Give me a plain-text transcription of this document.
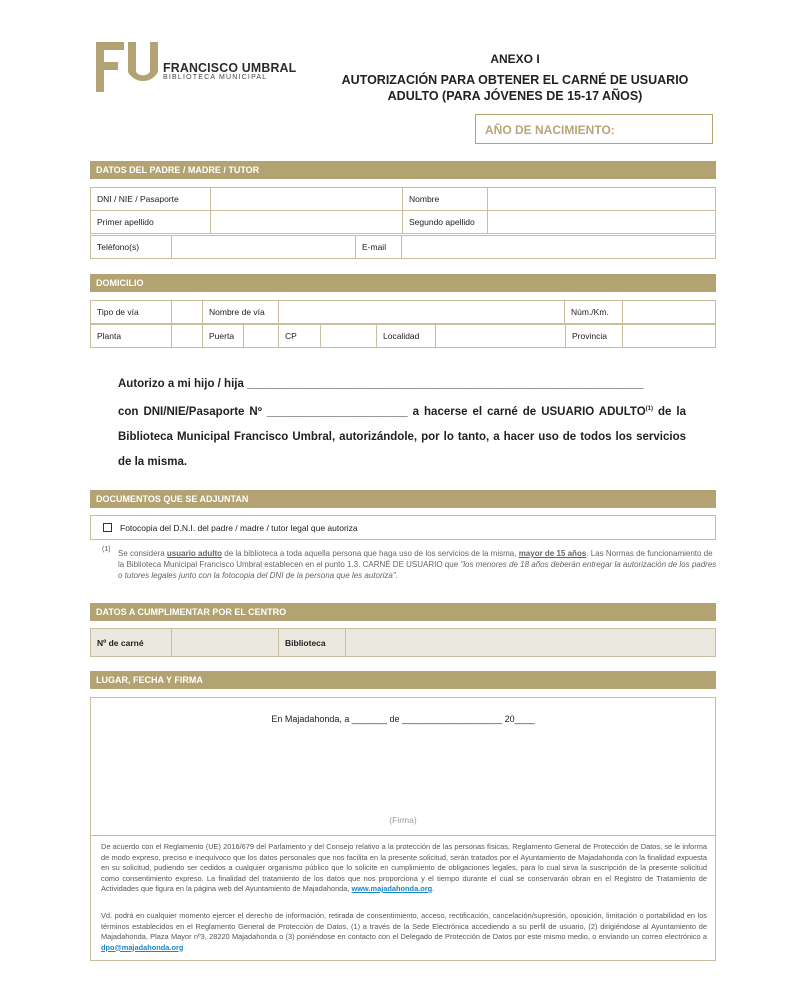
FRANCISCO UMBRAL
BIBLIOTECA MUNICIPAL
ANEXO I
AUTORIZACIÓN PARA OBTENER EL CARNÉ DE USUARIO
ADULTO (PARA JÓVENES DE 15-17 AÑOS)
AÑO DE NACIMIENTO:
DATOS DEL PADRE / MADRE / TUTOR
DNI / NIE / Pasaporte		Nombre	
Primer apellido		Segundo apellido	
Teléfono(s)		E-mail	
DOMICILIO
Tipo de vía		Nombre de vía		Núm./Km.	
Planta		Puerta		CP		Localidad		Provincia	

Autorizo a mi hijo / hija ______________________________________________________________

con DNI/NIE/Pasaporte Nº ______________________ a hacerse el carné de USUARIO ADULTO$^{(1)}$ de la Biblioteca Municipal Francisco Umbral, autorizándole, por lo tanto, a hacer uso de todos los servicios de la misma.

DOCUMENTOS QUE SE ADJUNTAN
Fotocopia del D.N.I. del padre / madre / tutor legal que autoriza
(1) Se considera usuario adulto de la biblioteca a toda aquella persona que haga uso de los servicios de la misma, mayor de 15 años. Las Normas de funcionamiento de la Biblioteca Municipal Francisco Umbral establecen en el punto 1.3. CARNÉ DE USUARIO que "los menores de 18 años deberán entregar la autorización de los padres o tutores legales junto con la fotocopia del DNI de la persona que les autoriza".
DATOS A CUMPLIMENTAR POR EL CENTRO
Nº de carné		Biblioteca	
LUGAR, FECHA Y FIRMA
En Majadahonda, a _______ de ____________________ 20____
(Firma)
De acuerdo con el Reglamento (UE) 2016/679 del Parlamento y del Consejo relativo a la protección de las personas físicas, Reglamento General de Protección de Datos, se le informa de modo expreso, preciso e inequívoco que los datos personales que nos facilita en la presente solicitud, serán tratados por el Ayuntamiento de Majadahonda con la finalidad expuesta en su solicitud, pudiendo ser cedidos a cualquier organismo público que lo solicite en cumplimiento de obligaciones legales, para lo cual sirva la suscripción de la presente solicitud como consentimiento expreso. La finalidad del tratamiento de los datos que nos proporciona y el tiempo durante el cual se conservarán obran en el Registro de Tratamiento de Actividades que figura en la página web del Ayuntamiento de Majadahonda, www.majadahonda.org.
Vd. podrá en cualquier momento ejercer el derecho de información, retirada de consentimiento, acceso, rectificación, cancelación/supresión, oposición, limitación o portabilidad en los términos establecidos en el Reglamento General de Protección de Datos, (1) a través de la Sede Electrónica accediendo a su perfil de usuario, (2) dirigiéndose al Ayuntamiento de Majadahonda, Plaza Mayor nº3, 28220 Majadahonda o (3) poniéndose en contacto con el Delegado de Protección de Datos por este mismo medio, o enviando un correo electrónico a dpo@majadahonda.org
